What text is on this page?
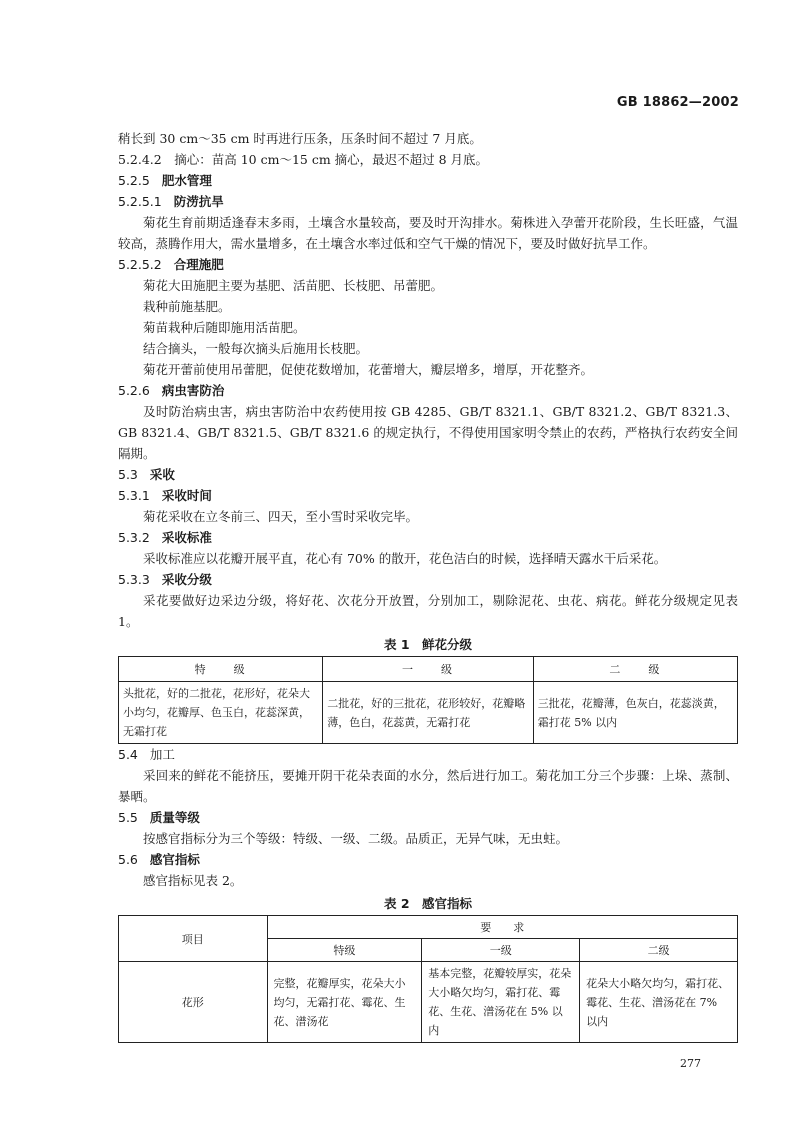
GB 18862—2002
稍长到 30 cm～35 cm 时再进行压条，压条时间不超过 7 月底。
5.2.4.2　摘心：苗高 10 cm～15 cm 摘心，最迟不超过 8 月底。
5.2.5 肥水管理
5.2.5.1 防涝抗旱
菊花生育前期适逢春末多雨，土壤含水量较高，要及时开沟排水。菊株进入孕蕾开花阶段，生长旺盛，气温较高，蒸腾作用大，需水量增多，在土壤含水率过低和空气干燥的情况下，要及时做好抗旱工作。
5.2.5.2 合理施肥
菊花大田施肥主要为基肥、活苗肥、长枝肥、吊蕾肥。
栽种前施基肥。
菊苗栽种后随即施用活苗肥。
结合摘头，一般每次摘头后施用长枝肥。
菊花开蕾前使用吊蕾肥，促使花数增加，花蕾增大，瓣层增多，增厚，开花整齐。
5.2.6 病虫害防治
及时防治病虫害，病虫害防治中农药使用按 GB 4285、GB/T 8321.1、GB/T 8321.2、GB/T 8321.3、GB 8321.4、GB/T 8321.5、GB/T 8321.6 的规定执行，不得使用国家明令禁止的农药，严格执行农药安全间隔期。
5.3 采收
5.3.1 采收时间
菊花采收在立冬前三、四天，至小雪时采收完毕。
5.3.2 采收标准
采收标准应以花瓣开展平直，花心有 70% 的散开，花色洁白的时候，选择晴天露水干后采花。
5.3.3 采收分级
采花要做好边采边分级，将好花、次花分开放置，分别加工，剔除泥花、虫花、病花。鲜花分级规定见表 1。
表 1　鲜花分级
特　　级	一　　级	二　　级
头批花，好的二批花，花形好，花朵大小均匀，花瓣厚、色玉白，花蕊深黄，无霜打花	二批花，好的三批花，花形较好，花瓣略薄，色白，花蕊黄，无霜打花	三批花，花瓣薄，色灰白，花蕊淡黄，霜打花 5% 以内
5.4 加工
采回来的鲜花不能挤压，要摊开阴干花朵表面的水分，然后进行加工。菊花加工分三个步骤：上垛、蒸制、暴晒。
5.5 质量等级
按感官指标分为三个等级：特级、一级、二级。品质正，无异气味，无虫蛀。
5.6 感官指标
感官指标见表 2。
表 2　感官指标
项目	要　　求		
	特级	一级	二级
花形	完整，花瓣厚实，花朵大小均匀，无霜打花、霉花、生花、潽汤花	基本完整，花瓣较厚实，花朵大小略欠均匀，霜打花、霉花、生花、潽汤花在 5% 以内	花朵大小略欠均匀，霜打花、霉花、生花、潽汤花在 7% 以内
277
